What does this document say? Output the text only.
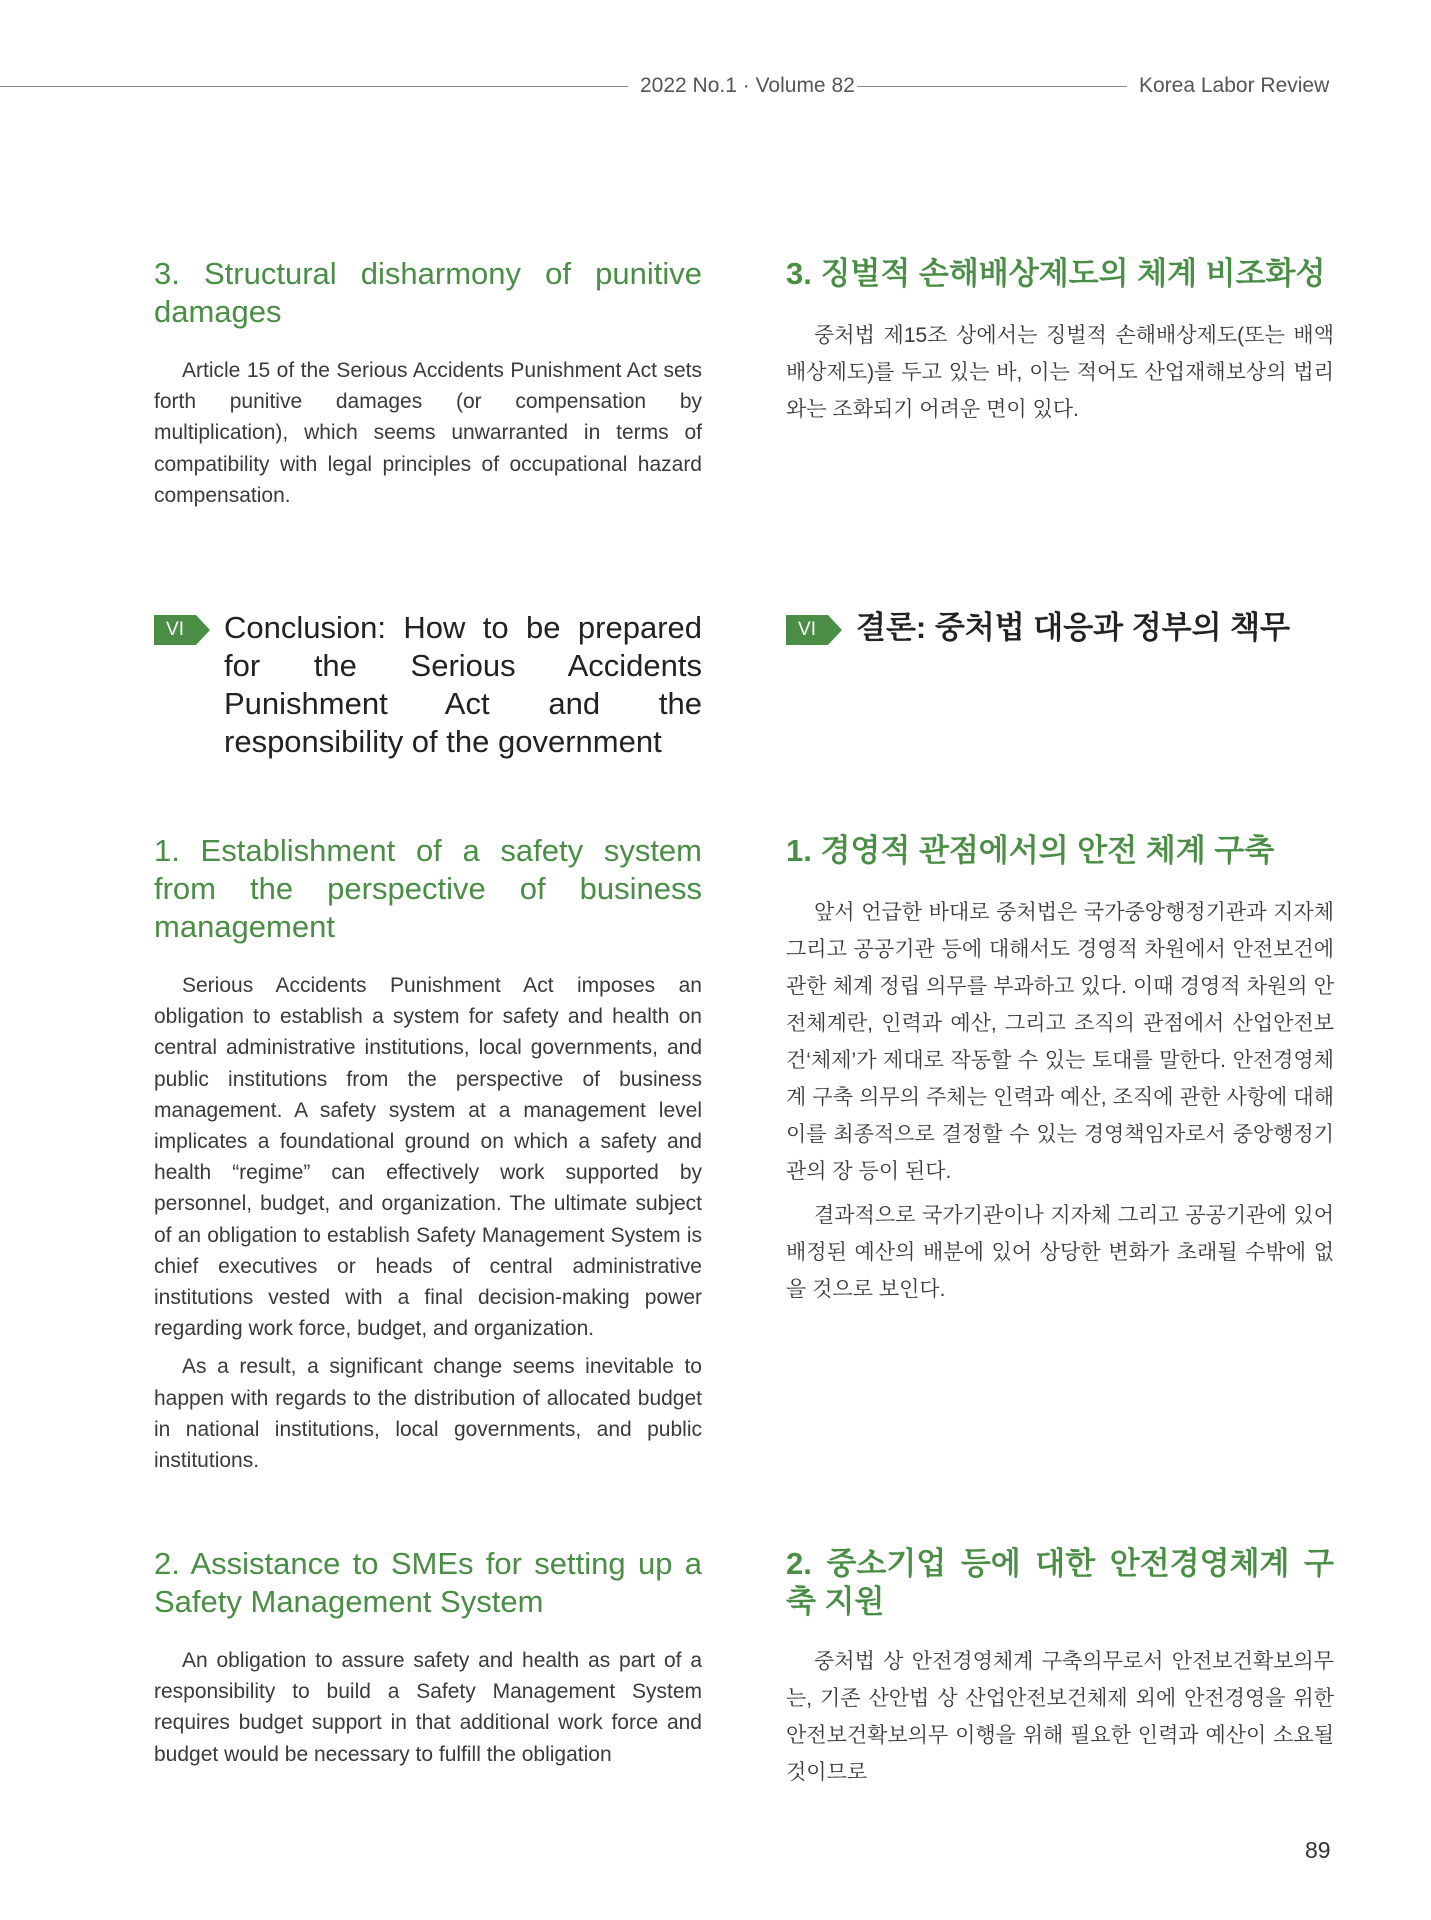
2022 No.1 · Volume 82	Korea Labor Review
3. Structural disharmony of punitive damages

Article 15 of the Serious Accidents Punishment Act sets forth punitive damages (or compensation by multiplication), which seems unwarranted in terms of compatibility with legal principles of occupational hazard compensation.

VI	Conclusion: How to be prepared for the Serious Accidents Punishment Act and the responsibility of the government
1. Establishment of a safety system from the perspective of business management

Serious Accidents Punishment Act imposes an obligation to establish a system for safety and health on central administrative institutions, local governments, and public institutions from the perspective of business management. A safety system at a management level implicates a foundational ground on which a safety and health “regime” can effectively work supported by personnel, budget, and organization. The ultimate subject of an obligation to establish Safety Management System is chief executives or heads of central administrative institutions vested with a final decision-making power regarding work force, budget, and organization.

As a result, a significant change seems inevitable to happen with regards to the distribution of allocated budget in national institutions, local governments, and public institutions.

2. Assistance to SMEs for setting up a Safety Management System

An obligation to assure safety and health as part of a responsibility to build a Safety Management System requires budget support in that additional work force and budget would be necessary to fulfill the obligation

3. 징벌적 손해배상제도의 체계 비조화성

중처법 제15조 상에서는 징벌적 손해배상제도(또는 배액배상제도)를 두고 있는 바, 이는 적어도 산업재해보상의 법리와는 조화되기 어려운 면이 있다.

VI	결론: 중처법 대응과 정부의 책무
1. 경영적 관점에서의 안전 체계 구축

앞서 언급한 바대로 중처법은 국가중앙행정기관과 지자체 그리고 공공기관 등에 대해서도 경영적 차원에서 안전보건에 관한 체계 정립 의무를 부과하고 있다. 이때 경영적 차원의 안전체계란, 인력과 예산, 그리고 조직의 관점에서 산업안전보건‘체제’가 제대로 작동할 수 있는 토대를 말한다. 안전경영체계 구축 의무의 주체는 인력과 예산, 조직에 관한 사항에 대해 이를 최종적으로 결정할 수 있는 경영책임자로서 중앙행정기관의 장 등이 된다.

결과적으로 국가기관이나 지자체 그리고 공공기관에 있어 배정된 예산의 배분에 있어 상당한 변화가 초래될 수밖에 없을 것으로 보인다.

2. 중소기업 등에 대한 안전경영체계 구축 지원

중처법 상 안전경영체계 구축의무로서 안전보건확보의무는, 기존 산안법 상 산업안전보건체제 외에 안전경영을 위한 안전보건확보의무 이행을 위해 필요한 인력과 예산이 소요될 것이므로

89
